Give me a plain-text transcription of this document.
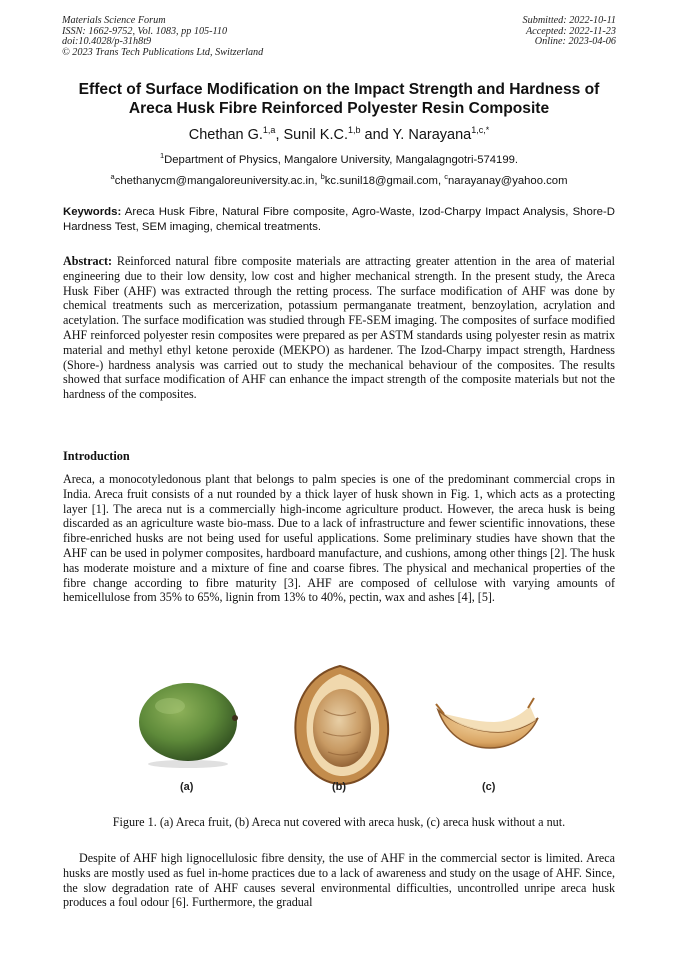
Materials Science Forum
ISSN: 1662-9752, Vol. 1083, pp 105-110
doi:10.4028/p-31h8t9
© 2023 Trans Tech Publications Ltd, Switzerland
Submitted: 2022-10-11
Accepted: 2022-11-23
Online: 2023-04-06
Effect of Surface Modification on the Impact Strength and Hardness of
Areca Husk Fibre Reinforced Polyester Resin Composite
Chethan G.$^{1,a}$, Sunil K.C.$^{1,b}$ and Y. Narayana$^{1,c,*}$
$^1$Department of Physics, Mangalore University, Mangalagngotri-574199.
$^a$chethanycm@mangaloreuniversity.ac.in, $^b$kc.sunil18@gmail.com, $^c$narayanay@yahoo.com
Keywords: Areca Husk Fibre, Natural Fibre composite, Agro-Waste, Izod-Charpy Impact Analysis, Shore-D Hardness Test, SEM imaging, chemical treatments.
Abstract: Reinforced natural fibre composite materials are attracting greater attention in the area of material engineering due to their low density, low cost and higher mechanical strength. In the present study, the Areca Husk Fiber (AHF) was extracted through the retting process. The surface modification of AHF was done by chemical treatments such as mercerization, potassium permanganate treatment, benzoylation, acrylation and acetylation. The surface modification was studied through FE-SEM imaging. The composites of surface modified AHF reinforced polyester resin composites were prepared as per ASTM standards using polyester resin as matrix material and methyl ethyl ketone peroxide (MEKPO) as hardener. The Izod-Charpy impact strength, Hardness (Shore-) hardness analysis was carried out to study the mechanical behaviour of the composites. The results showed that surface modification of AHF can enhance the impact strength of the composite materials but not the hardness of the composites.
Introduction
Areca, a monocotyledonous plant that belongs to palm species is one of the predominant commercial crops in India. Areca fruit consists of a nut rounded by a thick layer of husk shown in Fig. 1, which acts as a protecting layer [1]. The areca nut is a commercially high-income agriculture product. However, the areca husk is being discarded as an agriculture waste bio-mass. Due to a lack of infrastructure and fewer scientific innovations, these fibre-enriched husks are not being used for useful applications. Some preliminary studies have shown that the AHF can be used in polymer composites, hardboard manufacture, and cushions, among other things [2]. The husk has moderate moisture and a mixture of fine and coarse fibres. The physical and mechanical properties of the fibre change according to fibre maturity [3]. AHF are composed of cellulose with varying amounts of hemicellulose from 35% to 65%, lignin from 13% to 40%, pectin, wax and ashes [4], [5].
(a)	(b)	(c)
Figure 1. (a) Areca fruit, (b) Areca nut covered with areca husk, (c) areca husk without a nut.
Despite of AHF high lignocellulosic fibre density, the use of AHF in the commercial sector is limited. Areca husks are mostly used as fuel in-home practices due to a lack of awareness and study on the usage of AHF. Since, the slow degradation rate of AHF causes several environmental difficulties, uncontrolled unripe areca husk produces a foul odour [6]. Furthermore, the gradual
